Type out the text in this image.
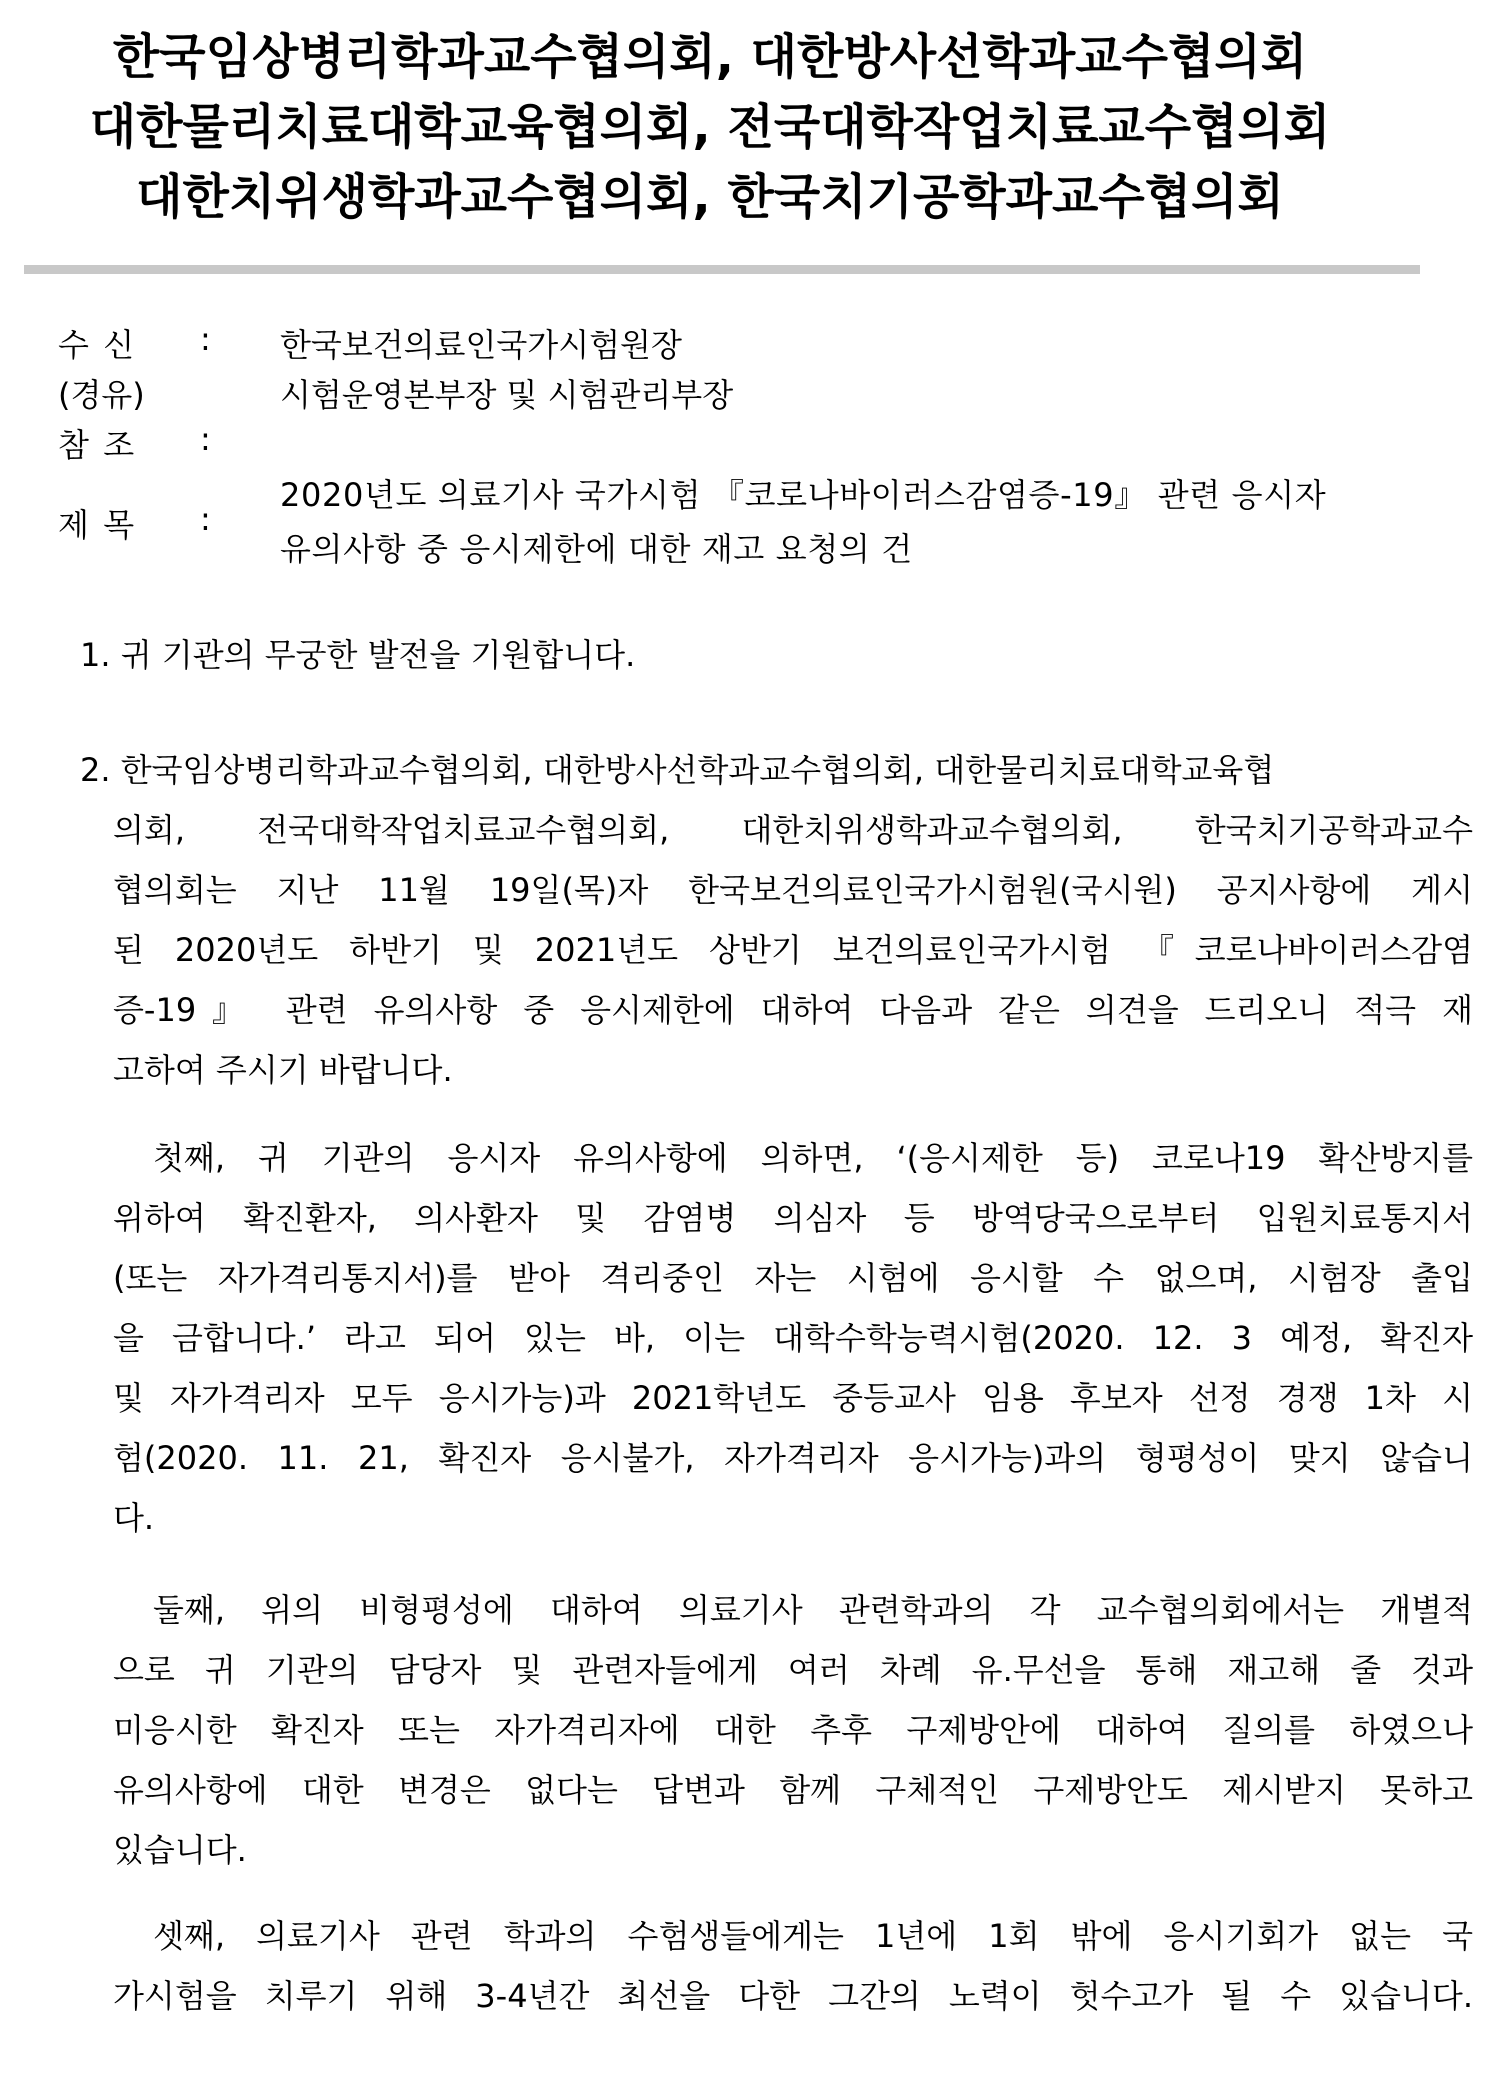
한국임상병리학과교수협의회, 대한방사선학과교수협의회
대한물리치료대학교육협의회, 전국대학작업치료교수협의회
대한치위생학과교수협의회, 한국치기공학과교수협의회
수신 : 한국보건의료인국가시험원장
(경유)	시험운영본부장 및 시험관리부장
참조 :
제목 :
2020년도 의료기사 국가시험 『코로나바이러스감염증-19』 관련 응시자
유의사항 중 응시제한에 대한 재고 요청의 건
1. 귀 기관의 무궁한 발전을 기원합니다.
2. 한국임상병리학과교수협의회, 대한방사선학과교수협의회, 대한물리치료대학교육협
의회, 전국대학작업치료교수협의회, 대한치위생학과교수협의회, 한국치기공학과교수
협의회는 지난 11월 19일(목)자 한국보건의료인국가시험원(국시원) 공지사항에 게시
된 2020년도 하반기 및 2021년도 상반기 보건의료인국가시험 『코로나바이러스감염
증-19』 관련 유의사항 중 응시제한에 대하여 다음과 같은 의견을 드리오니 적극 재
고하여 주시기 바랍니다.
첫째, 귀 기관의 응시자 유의사항에 의하면, ‘(응시제한 등) 코로나19 확산방지를
위하여 확진환자, 의사환자 및 감염병 의심자 등 방역당국으로부터 입원치료통지서
(또는 자가격리통지서)를 받아 격리중인 자는 시험에 응시할 수 없으며, 시험장 출입
을 금합니다.’ 라고 되어 있는 바, 이는 대학수학능력시험(2020. 12. 3 예정, 확진자
및 자가격리자 모두 응시가능)과 2021학년도 중등교사 임용 후보자 선정 경쟁 1차 시
험(2020. 11. 21, 확진자 응시불가, 자가격리자 응시가능)과의 형평성이 맞지 않습니
다.
둘째, 위의 비형평성에 대하여 의료기사 관련학과의 각 교수협의회에서는 개별적
으로 귀 기관의 담당자 및 관련자들에게 여러 차례 유.무선을 통해 재고해 줄 것과
미응시한 확진자 또는 자가격리자에 대한 추후 구제방안에 대하여 질의를 하였으나
유의사항에 대한 변경은 없다는 답변과 함께 구체적인 구제방안도 제시받지 못하고
있습니다.
셋째, 의료기사 관련 학과의 수험생들에게는 1년에 1회 밖에 응시기회가 없는 국
가시험을 치루기 위해 3-4년간 최선을 다한 그간의 노력이 헛수고가 될 수 있습니다.
